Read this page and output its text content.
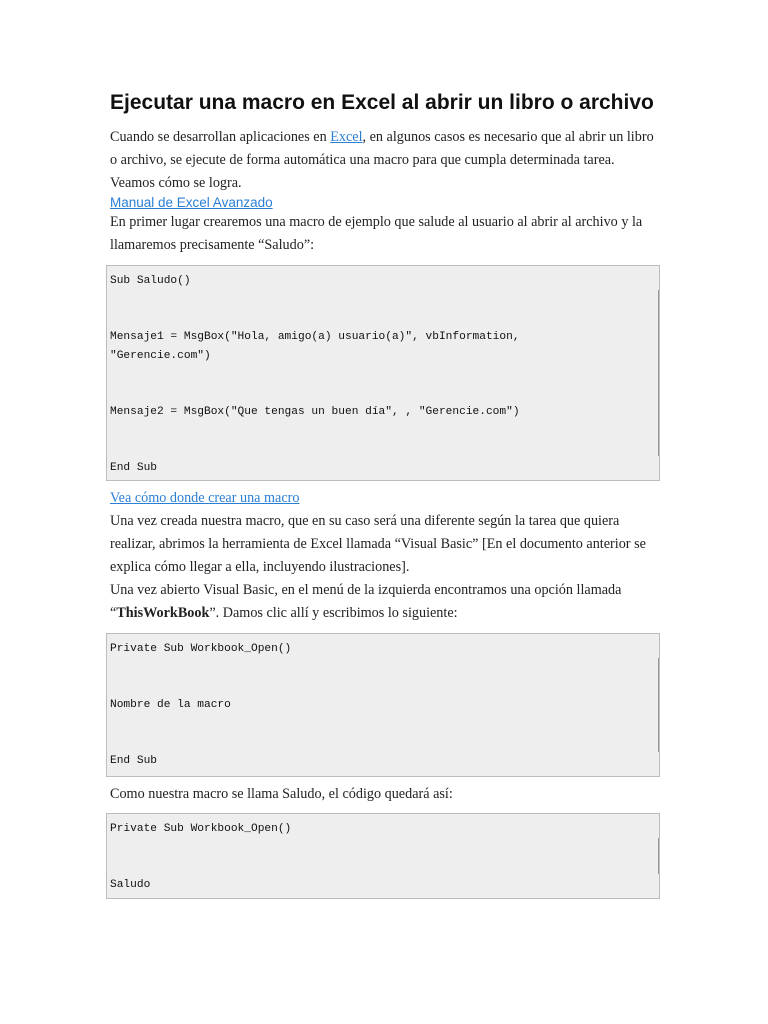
Ejecutar una macro en Excel al abrir un libro o archivo

Cuando se desarrollan aplicaciones en Excel, en algunos casos es necesario que al abrir un libro o archivo, se ejecute de forma automática una macro para que cumpla determinada tarea. Veamos cómo se logra.

Manual de Excel Avanzado

En primer lugar crearemos una macro de ejemplo que salude al usuario al abrir al archivo y la llamaremos precisamente “Saludo”:

Sub Saludo()
Mensaje1 = MsgBox("Hola, amigo(a) usuario(a)", vbInformation,
"Gerencie.com")
Mensaje2 = MsgBox("Que tengas un buen día", , "Gerencie.com")
End Sub
Vea cómo donde crear una macro

Una vez creada nuestra macro, que en su caso será una diferente según la tarea que quiera realizar, abrimos la herramienta de Excel llamada “Visual Basic” [En el documento anterior se explica cómo llegar a ella, incluyendo ilustraciones].

Una vez abierto Visual Basic, en el menú de la izquierda encontramos una opción llamada “ThisWorkBook”. Damos clic allí y escribimos lo siguiente:

Private Sub Workbook_Open()
Nombre de la macro
End Sub

Como nuestra macro se llama Saludo, el código quedará así:

Private Sub Workbook_Open()
Saludo
